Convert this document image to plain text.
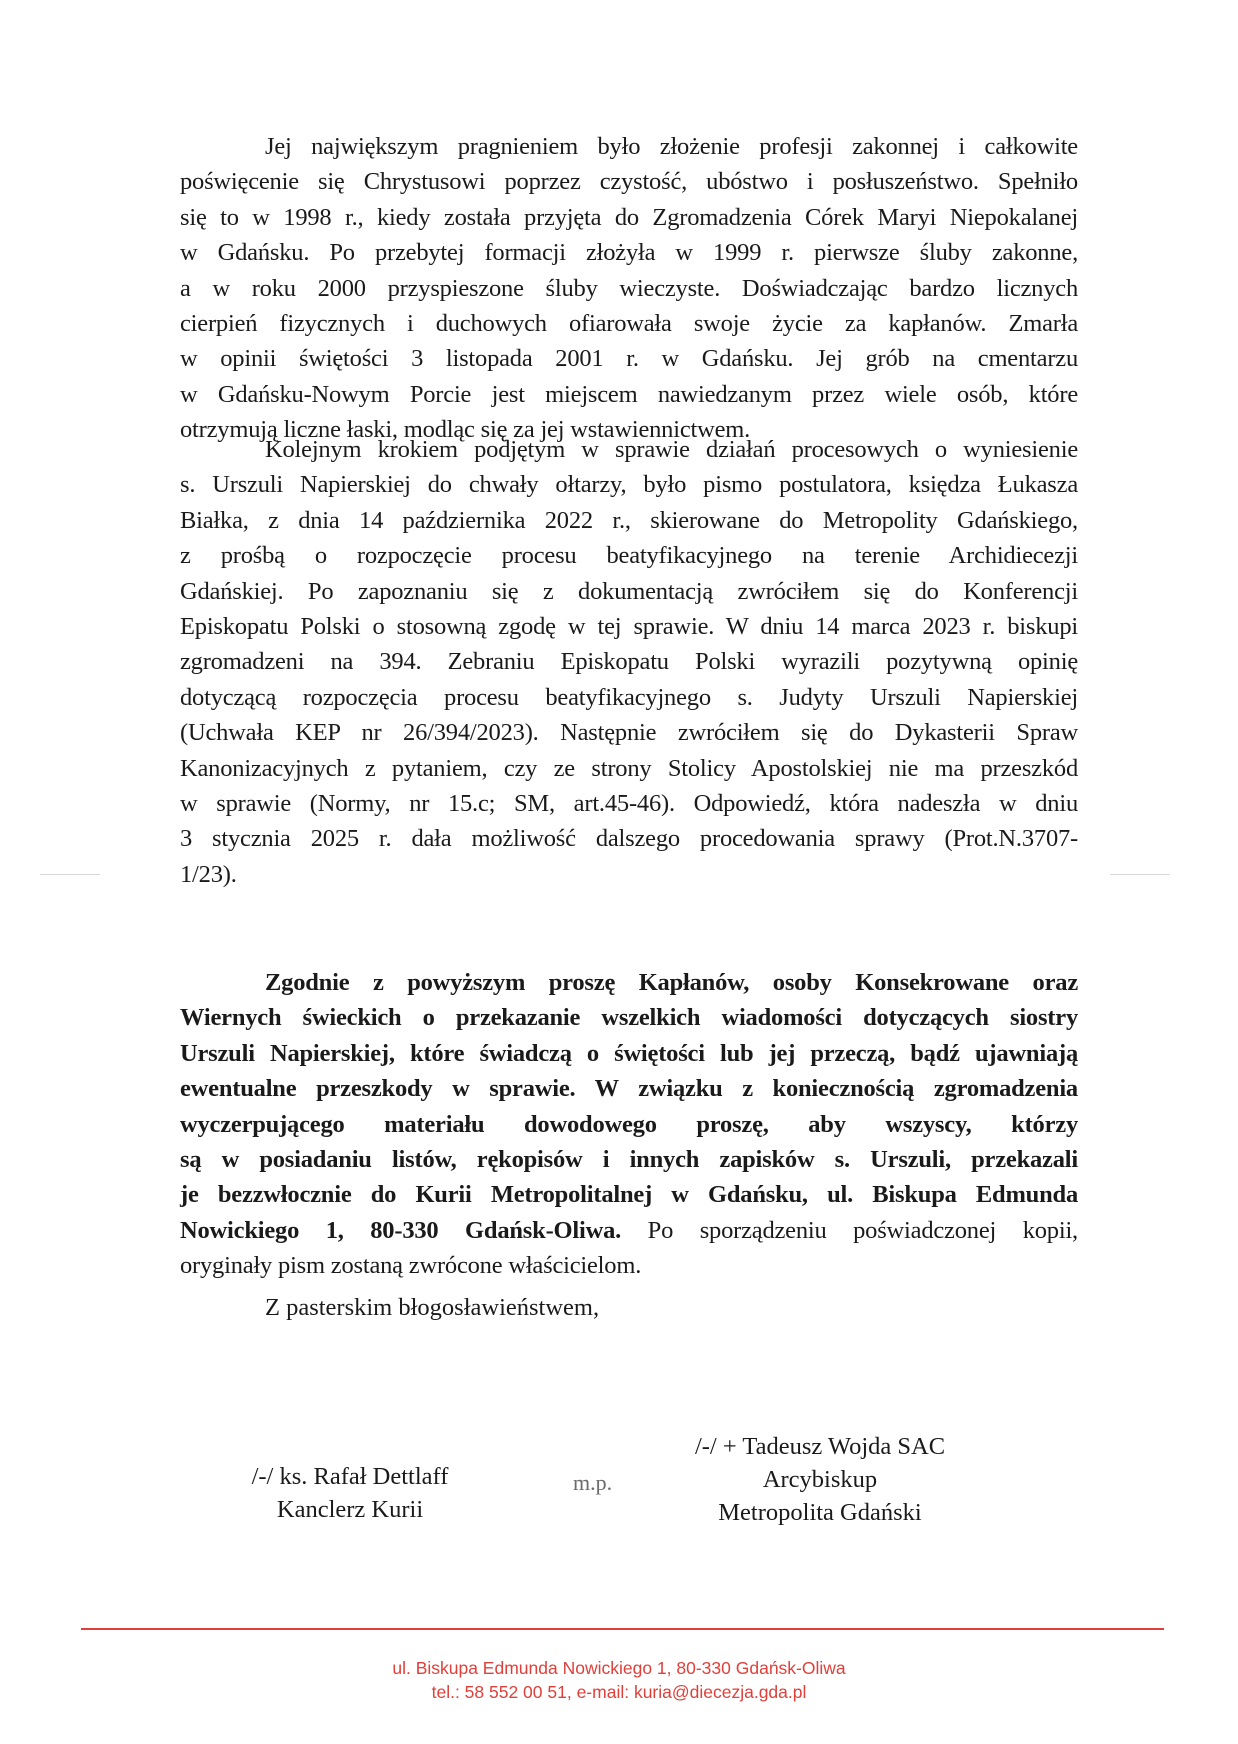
Jej największym pragnieniem było złożenie profesji zakonnej i całkowite
poświęcenie się Chrystusowi poprzez czystość, ubóstwo i posłuszeństwo. Spełniło
się to w 1998 r., kiedy została przyjęta do Zgromadzenia Córek Maryi Niepokalanej
w Gdańsku. Po przebytej formacji złożyła w 1999 r. pierwsze śluby zakonne,
a w roku 2000 przyspieszone śluby wieczyste. Doświadczając bardzo licznych
cierpień fizycznych i duchowych ofiarowała swoje życie za kapłanów. Zmarła
w opinii świętości 3 listopada 2001 r. w Gdańsku. Jej grób na cmentarzu
w Gdańsku-Nowym Porcie jest miejscem nawiedzanym przez wiele osób, które
otrzymują liczne łaski, modląc się za jej wstawiennictwem.
Kolejnym krokiem podjętym w sprawie działań procesowych o wyniesienie
s. Urszuli Napierskiej do chwały ołtarzy, było pismo postulatora, księdza Łukasza
Białka, z dnia 14 października 2022 r., skierowane do Metropolity Gdańskiego,
z prośbą o rozpoczęcie procesu beatyfikacyjnego na terenie Archidiecezji
Gdańskiej. Po zapoznaniu się z dokumentacją zwróciłem się do Konferencji
Episkopatu Polski o stosowną zgodę w tej sprawie. W dniu 14 marca 2023 r. biskupi
zgromadzeni na 394. Zebraniu Episkopatu Polski wyrazili pozytywną opinię
dotyczącą rozpoczęcia procesu beatyfikacyjnego s. Judyty Urszuli Napierskiej
(Uchwała KEP nr 26/394/2023). Następnie zwróciłem się do Dykasterii Spraw
Kanonizacyjnych z pytaniem, czy ze strony Stolicy Apostolskiej nie ma przeszkód
w sprawie (Normy, nr 15.c; SM, art.45-46). Odpowiedź, która nadeszła w dniu
3 stycznia 2025 r. dała możliwość dalszego procedowania sprawy (Prot.N.3707-
1/23).
Zgodnie z powyższym proszę Kapłanów, osoby Konsekrowane oraz
Wiernych świeckich o przekazanie wszelkich wiadomości dotyczących siostry
Urszuli Napierskiej, które świadczą o świętości lub jej przeczą, bądź ujawniają
ewentualne przeszkody w sprawie. W związku z koniecznością zgromadzenia
wyczerpującego materiału dowodowego proszę, aby wszyscy, którzy
są w posiadaniu listów, rękopisów i innych zapisków s. Urszuli, przekazali
je bezzwłocznie do Kurii Metropolitalnej w Gdańsku, ul. Biskupa Edmunda
Nowickiego 1, 80-330 Gdańsk-Oliwa. Po sporządzeniu poświadczonej kopii,
oryginały pism zostaną zwrócone właścicielom.
Z pasterskim błogosławieństwem,
/-/ ks. Rafał Dettlaff
Kanclerz Kurii
m.p.
/-/ + Tadeusz Wojda SAC
Arcybiskup
Metropolita Gdański
ul. Biskupa Edmunda Nowickiego 1, 80-330 Gdańsk-Oliwa
tel.: 58 552 00 51, e-mail: kuria@diecezja.gda.pl
